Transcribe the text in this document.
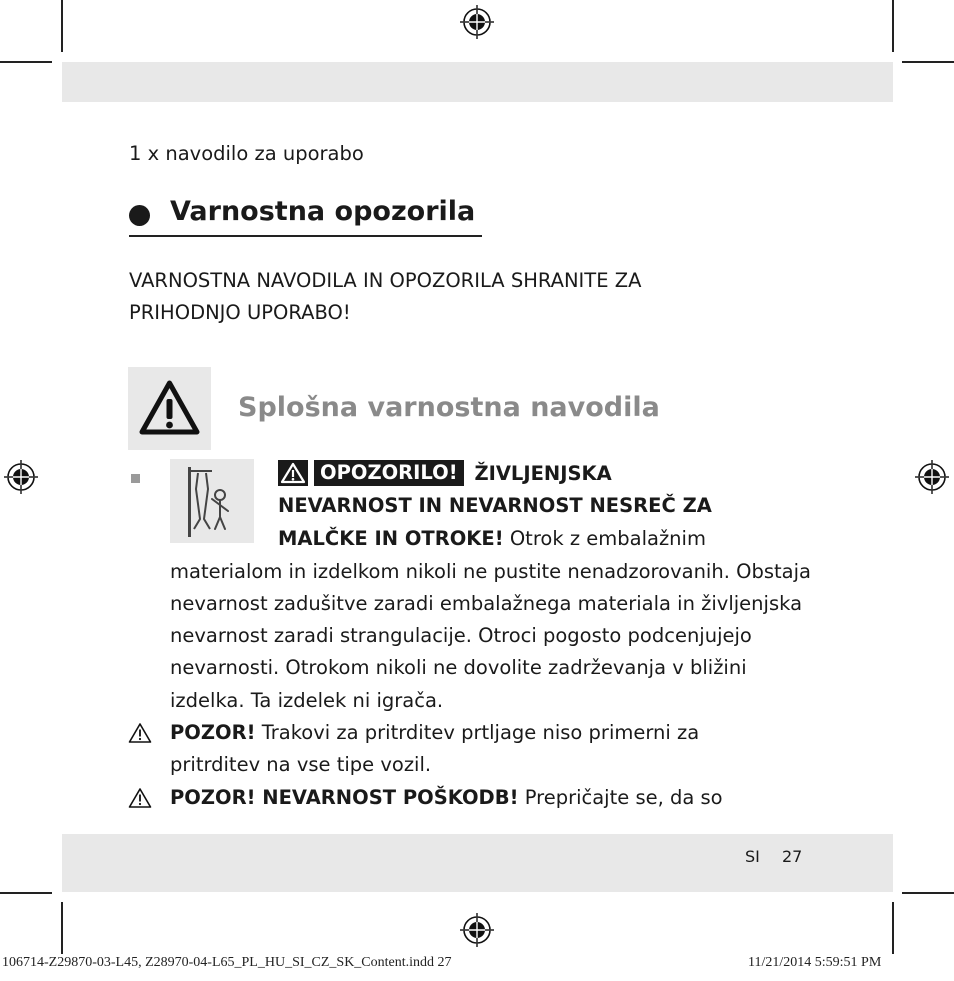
1 x navodilo za uporabo
Varnostna opozorila
VARNOSTNA NAVODILA IN OPOZORILA SHRANITE ZA
PRIHODNJO UPORABO!
Splošna varnostna navodila
OPOZORILO! ŽIVLJENJSKA
NEVARNOST IN NEVARNOST NESREČ ZA
MALČKE IN OTROKE! Otrok z embalažnim
materialom in izdelkom nikoli ne pustite nenadzorovanih. Obstaja
nevarnost zadušitve zaradi embalažnega materiala in življenjska
nevarnost zaradi strangulacije. Otroci pogosto podcenjujejo
nevarnosti. Otrokom nikoli ne dovolite zadrževanja v bližini
izdelka. Ta izdelek ni igrača.
POZOR! Trakovi za pritrditev prtljage niso primerni za
pritrditev na vse tipe vozil.
POZOR! NEVARNOST POŠKODB! Prepričajte se, da so
SI 27
106714-Z29870-03-L45, Z28970-04-L65_PL_HU_SI_CZ_SK_Content.indd 27	11/21/2014 5:59:51 PM
